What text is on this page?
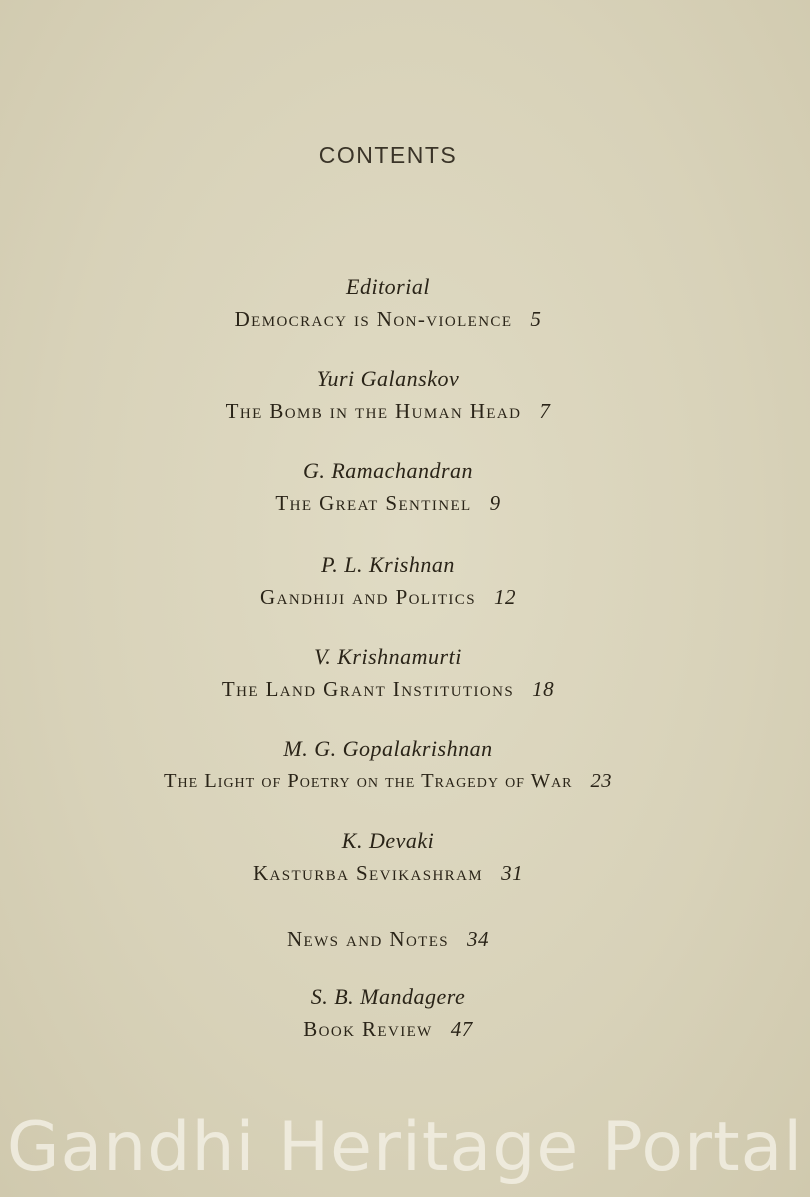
CONTENTS
Editorial
Democracy is Non-violence 5
Yuri Galanskov
The Bomb in the Human Head 7
G. Ramachandran
The Great Sentinel 9
P. L. Krishnan
Gandhiji and Politics 12
V. Krishnamurti
The Land Grant Institutions 18
M. G. Gopalakrishnan
The Light of Poetry on the Tragedy of War 23
K. Devaki
Kasturba Sevikashram 31
News and Notes 34
S. B. Mandagere
Book Review 47
Gandhi Heritage Portal
